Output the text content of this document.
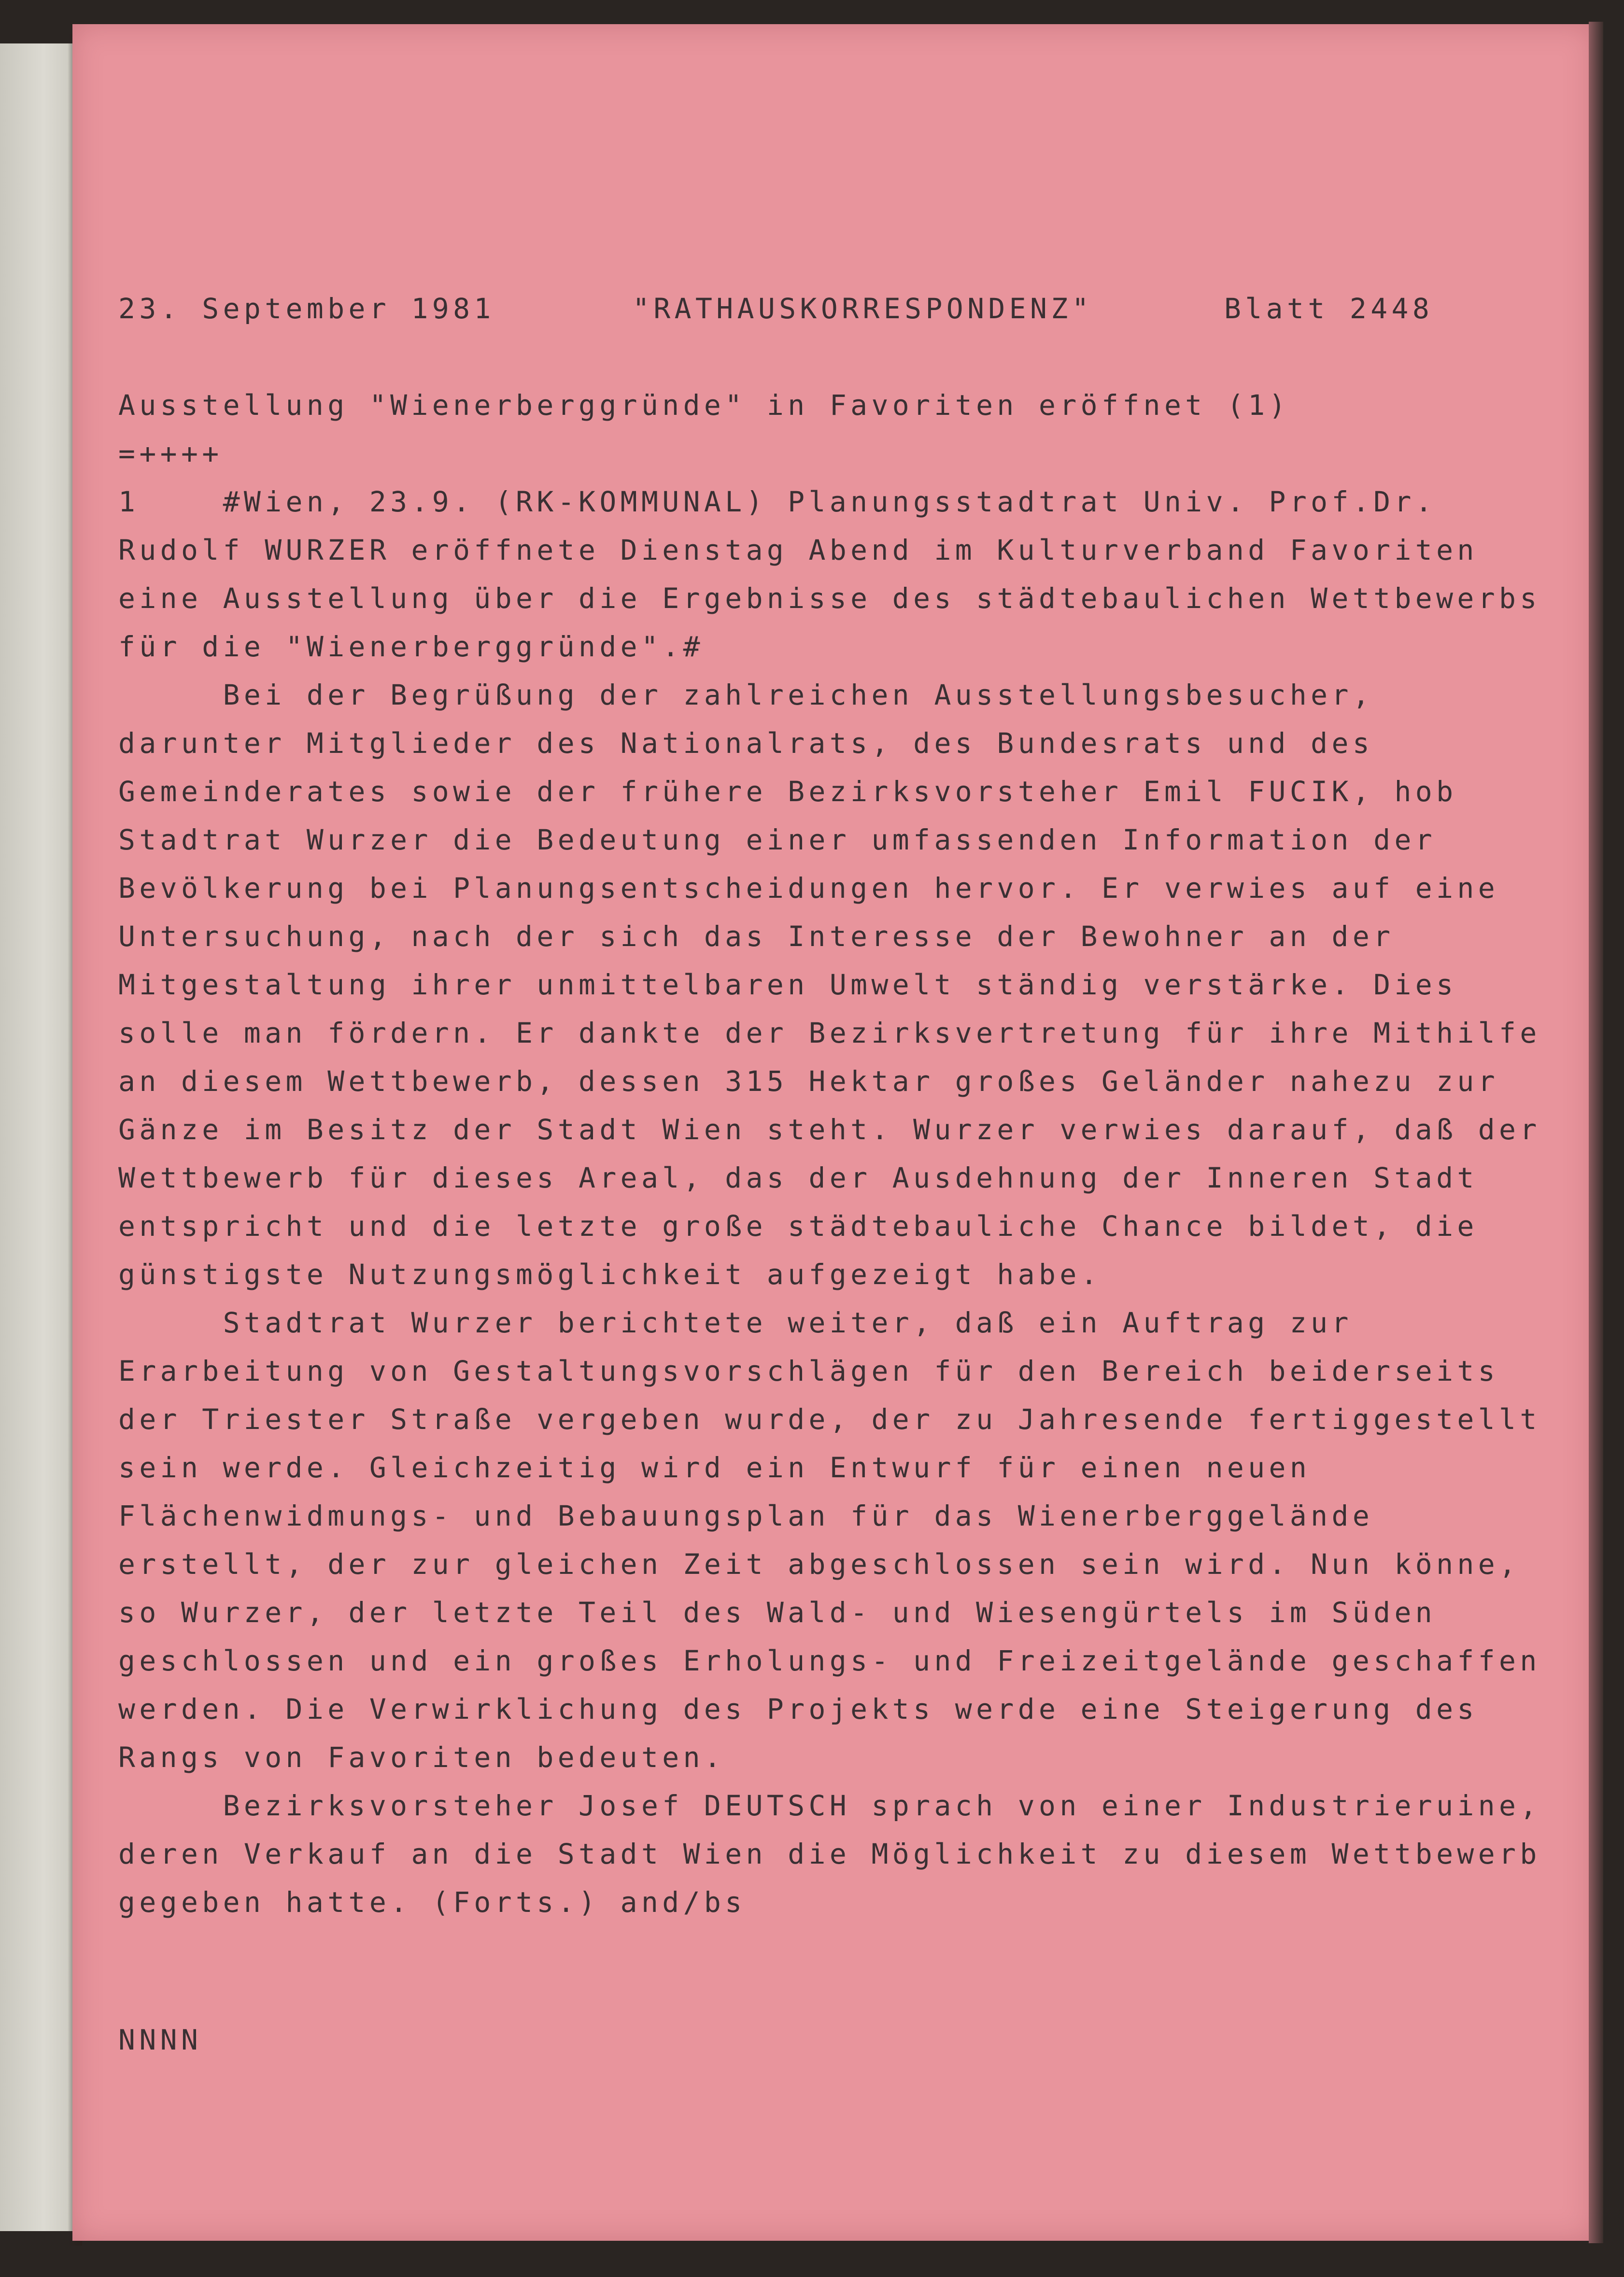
23. September 1981	"RATHAUSKORRESPONDENZ"	Blatt 2448
Ausstellung "Wienerberggründe" in Favoriten eröffnet (1)
=++++
1    #Wien, 23.9. (RK-KOMMUNAL) Planungsstadtrat Univ. Prof.Dr.
Rudolf WURZER eröffnete Dienstag Abend im Kulturverband Favoriten
eine Ausstellung über die Ergebnisse des städtebaulichen Wettbewerbs
für die "Wienerberggründe".#
Bei der Begrüßung der zahlreichen Ausstellungsbesucher,
darunter Mitglieder des Nationalrats, des Bundesrats und des
Gemeinderates sowie der frühere Bezirksvorsteher Emil FUCIK, hob
Stadtrat Wurzer die Bedeutung einer umfassenden Information der
Bevölkerung bei Planungsentscheidungen hervor. Er verwies auf eine
Untersuchung, nach der sich das Interesse der Bewohner an der
Mitgestaltung ihrer unmittelbaren Umwelt ständig verstärke. Dies
solle man fördern. Er dankte der Bezirksvertretung für ihre Mithilfe
an diesem Wettbewerb, dessen 315 Hektar großes Geländer nahezu zur
Gänze im Besitz der Stadt Wien steht. Wurzer verwies darauf, daß der
Wettbewerb für dieses Areal, das der Ausdehnung der Inneren Stadt
entspricht und die letzte große städtebauliche Chance bildet, die
günstigste Nutzungsmöglichkeit aufgezeigt habe.
Stadtrat Wurzer berichtete weiter, daß ein Auftrag zur
Erarbeitung von Gestaltungsvorschlägen für den Bereich beiderseits
der Triester Straße vergeben wurde, der zu Jahresende fertiggestellt
sein werde. Gleichzeitig wird ein Entwurf für einen neuen
Flächenwidmungs- und Bebauungsplan für das Wienerberggelände
erstellt, der zur gleichen Zeit abgeschlossen sein wird. Nun könne,
so Wurzer, der letzte Teil des Wald- und Wiesengürtels im Süden
geschlossen und ein großes Erholungs- und Freizeitgelände geschaffen
werden. Die Verwirklichung des Projekts werde eine Steigerung des
Rangs von Favoriten bedeuten.
Bezirksvorsteher Josef DEUTSCH sprach von einer Industrieruine,
deren Verkauf an die Stadt Wien die Möglichkeit zu diesem Wettbewerb
gegeben hatte. (Forts.) and/bs
NNNN
